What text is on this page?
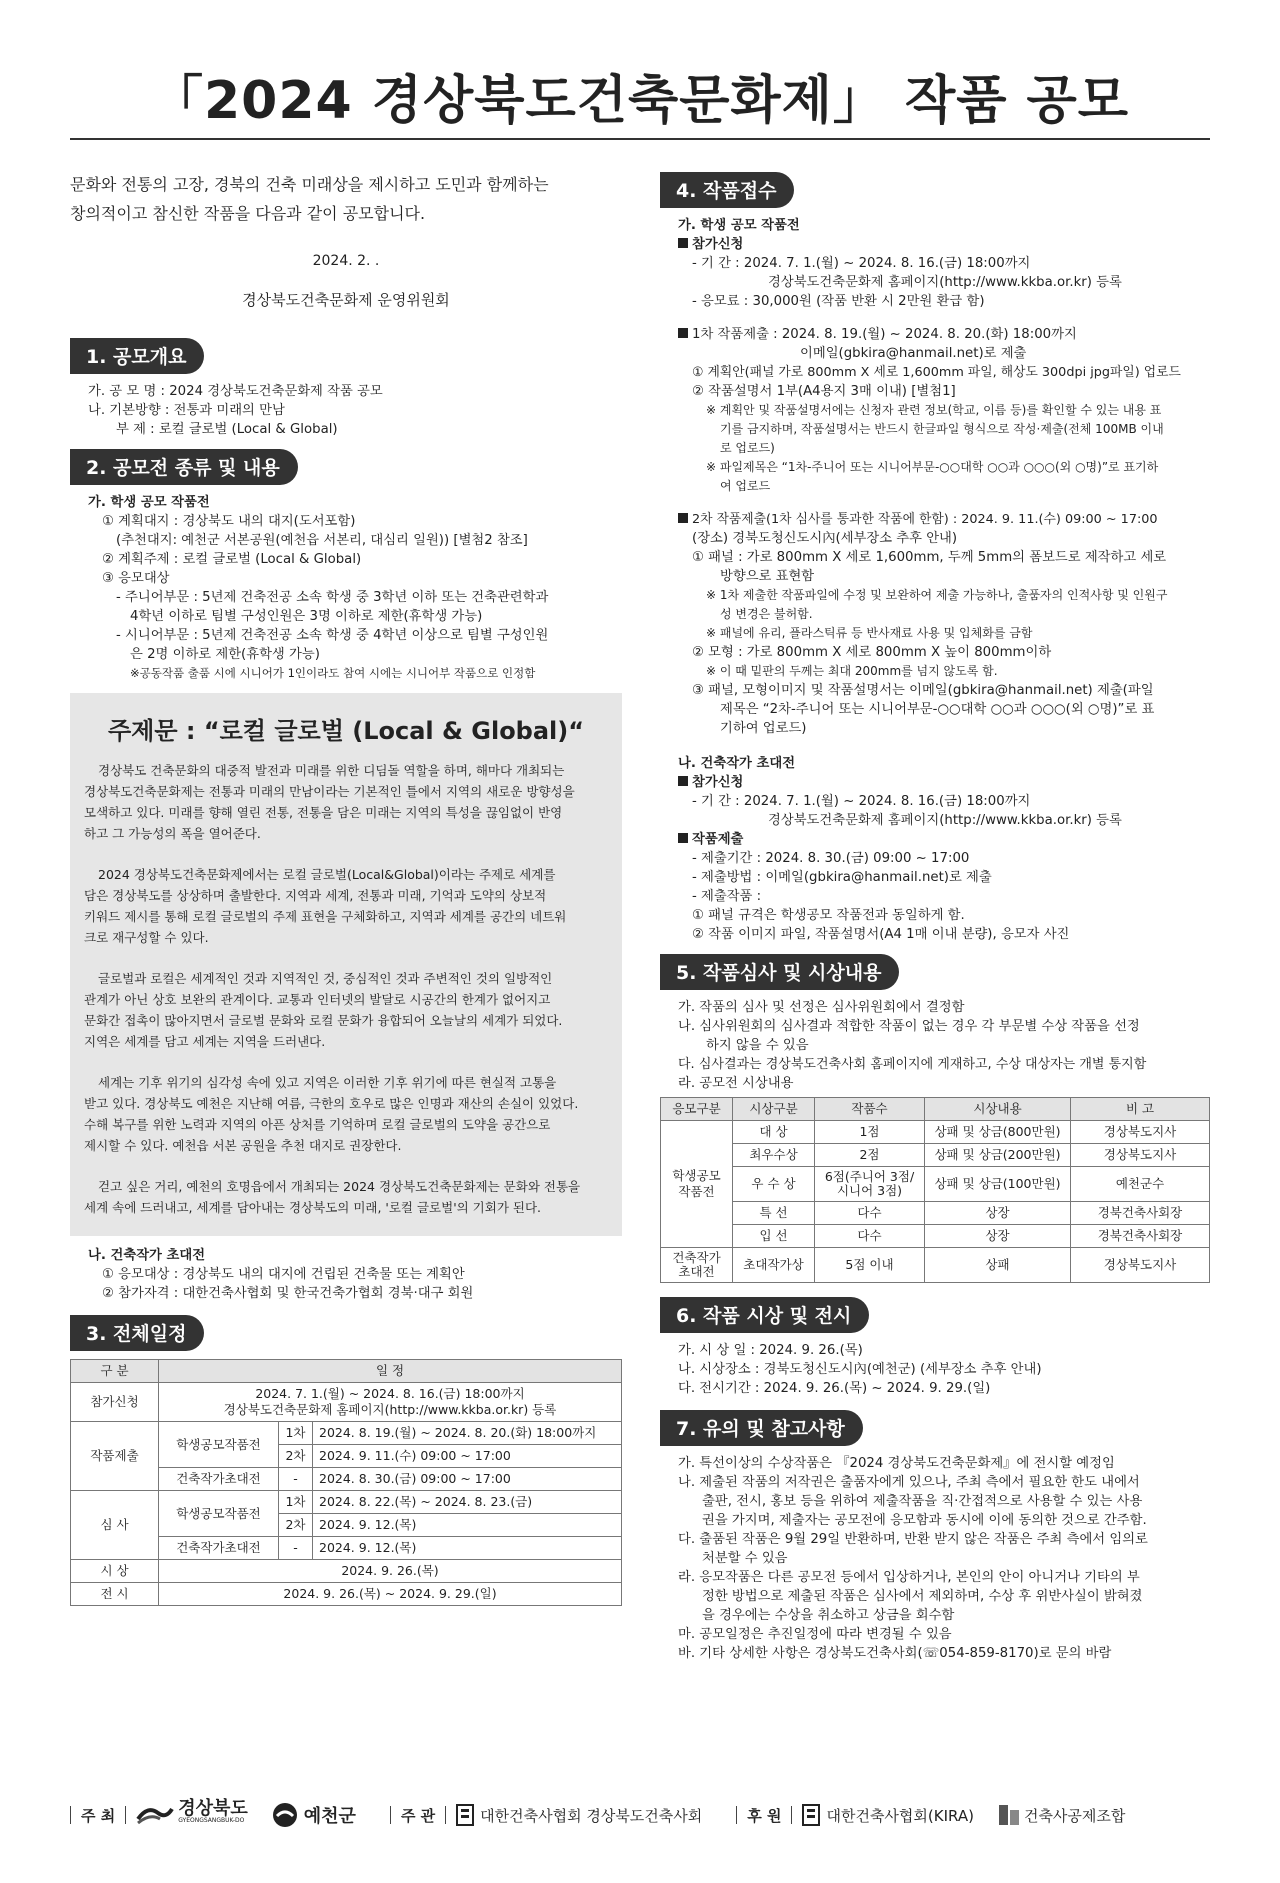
「2024 경상북도건축문화제」 작품 공모
문화와 전통의 고장, 경북의 건축 미래상을 제시하고 도민과 함께하는
창의적이고 참신한 작품을 다음과 같이 공모합니다.
2024. 2. .
경상북도건축문화제 운영위원회
1. 공모개요
가. 공 모 명 : 2024 경상북도건축문화제 작품 공모
나. 기본방향 : 전통과 미래의 만남
부 제 : 로컬 글로벌 (Local & Global)
2. 공모전 종류 및 내용
가. 학생 공모 작품전
① 계획대지 : 경상북도 내의 대지(도서포함)
(추천대지: 예천군 서본공원(예천읍 서본리, 대심리 일원)) [별첨2 참조]
② 계획주제 : 로컬 글로벌 (Local & Global)
③ 응모대상
- 주니어부문 : 5년제 건축전공 소속 학생 중 3학년 이하 또는 건축관련학과
4학년 이하로 팀별 구성인원은 3명 이하로 제한(휴학생 가능)
- 시니어부문 : 5년제 건축전공 소속 학생 중 4학년 이상으로 팀별 구성인원
은 2명 이하로 제한(휴학생 가능)
※공동작품 출품 시에 시니어가 1인이라도 참여 시에는 시니어부 작품으로 인정함
주제문 : “로컬 글로벌 (Local & Global)“
경상북도 건축문화의 대중적 발전과 미래를 위한 디딤돌 역할을 하며, 해마다 개최되는
경상북도건축문화제는 전통과 미래의 만남이라는 기본적인 틀에서 지역의 새로운 방향성을
모색하고 있다. 미래를 향해 열린 전통, 전통을 담은 미래는 지역의 특성을 끊임없이 반영
하고 그 가능성의 폭을 열어준다.
2024 경상북도건축문화제에서는 로컬 글로벌(Local&Global)이라는 주제로 세계를
담은 경상북도를 상상하며 출발한다. 지역과 세계, 전통과 미래, 기억과 도약의 상보적
키워드 제시를 통해 로컬 글로벌의 주제 표현을 구체화하고, 지역과 세계를 공간의 네트워
크로 재구성할 수 있다.
글로벌과 로컬은 세계적인 것과 지역적인 것, 중심적인 것과 주변적인 것의 일방적인
관계가 아닌 상호 보완의 관계이다. 교통과 인터넷의 발달로 시공간의 한계가 없어지고
문화간 접촉이 많아지면서 글로벌 문화와 로컬 문화가 융합되어 오늘날의 세계가 되었다.
지역은 세계를 담고 세계는 지역을 드러낸다.
세계는 기후 위기의 심각성 속에 있고 지역은 이러한 기후 위기에 따른 현실적 고통을
받고 있다. 경상북도 예천은 지난해 여름, 극한의 호우로 많은 인명과 재산의 손실이 있었다.
수해 복구를 위한 노력과 지역의 아픈 상처를 기억하며 로컬 글로벌의 도약을 공간으로
제시할 수 있다. 예천읍 서본 공원을 추천 대지로 권장한다.
걷고 싶은 거리, 예천의 호명읍에서 개최되는 2024 경상북도건축문화제는 문화와 전통을
세계 속에 드러내고, 세계를 담아내는 경상북도의 미래, '로컬 글로벌'의 기회가 된다.
나. 건축작가 초대전
① 응모대상 : 경상북도 내의 대지에 건립된 건축물 또는 계획안
② 참가자격 : 대한건축사협회 및 한국건축가협회 경북·대구 회원
3. 전체일정
구 분	일 정		
참가신청	2024. 7. 1.(월) ~ 2024. 8. 16.(금) 18:00까지
경상북도건축문화제 홈페이지(http://www.kkba.or.kr) 등록		

작품제출	학생공모작품전	1차	2024. 8. 19.(월) ~ 2024. 8. 20.(화) 18:00까지
		2차	2024. 9. 11.(수) 09:00 ~ 17:00
	건축작가초대전	-	2024. 8. 30.(금) 09:00 ~ 17:00
심 사	학생공모작품전	1차	2024. 8. 22.(목) ~ 2024. 8. 23.(금)
		2차	2024. 9. 12.(목)
	건축작가초대전	-	2024. 9. 12.(목)
시 상	2024. 9. 26.(목)		
전 시	2024. 9. 26.(목) ~ 2024. 9. 29.(일)		
4. 작품접수
가. 학생 공모 작품전
참가신청
- 기 간 : 2024. 7. 1.(월) ~ 2024. 8. 16.(금) 18:00까지
경상북도건축문화제 홈페이지(http://www.kkba.or.kr) 등록
- 응모료 : 30,000원 (작품 반환 시 2만원 환급 함)
1차 작품제출 : 2024. 8. 19.(월) ~ 2024. 8. 20.(화) 18:00까지
이메일(gbkira@hanmail.net)로 제출
① 계획안(패널 가로 800mm X 세로 1,600mm 파일, 해상도 300dpi jpg파일) 업로드
② 작품설명서 1부(A4용지 3매 이내) [별첨1]
※ 계획안 및 작품설명서에는 신청자 관련 정보(학교, 이름 등)를 확인할 수 있는 내용 표
기를 금지하며, 작품설명서는 반드시 한글파일 형식으로 작성·제출(전체 100MB 이내
로 업로드)
※ 파일제목은 “1차-주니어 또는 시니어부문-○○대학 ○○과 ○○○(외 ○명)”로 표기하
여 업로드
2차 작품제출(1차 심사를 통과한 작품에 한함) : 2024. 9. 11.(수) 09:00 ~ 17:00
(장소) 경북도청신도시內(세부장소 추후 안내)
① 패널 : 가로 800mm X 세로 1,600mm, 두께 5mm의 폼보드로 제작하고 세로
방향으로 표현함
※ 1차 제출한 작품파일에 수정 및 보완하여 제출 가능하나, 출품자의 인적사항 및 인원구
성 변경은 불허함.
※ 패널에 유리, 플라스틱류 등 반사재료 사용 및 입체화를 금함
② 모형 : 가로 800mm X 세로 800mm X 높이 800mm이하
※ 이 때 밑판의 두께는 최대 200mm를 넘지 않도록 함.
③ 패널, 모형이미지 및 작품설명서는 이메일(gbkira@hanmail.net) 제출(파일
제목은 “2차-주니어 또는 시니어부문-○○대학 ○○과 ○○○(외 ○명)”로 표
기하여 업로드)
나. 건축작가 초대전
참가신청
- 기 간 : 2024. 7. 1.(월) ~ 2024. 8. 16.(금) 18:00까지
경상북도건축문화제 홈페이지(http://www.kkba.or.kr) 등록
작품제출
- 제출기간 : 2024. 8. 30.(금) 09:00 ~ 17:00
- 제출방법 : 이메일(gbkira@hanmail.net)로 제출
- 제출작품 :
① 패널 규격은 학생공모 작품전과 동일하게 함.
② 작품 이미지 파일, 작품설명서(A4 1매 이내 분량), 응모자 사진
5. 작품심사 및 시상내용
가. 작품의 심사 및 선정은 심사위원회에서 결정함
나. 심사위원회의 심사결과 적합한 작품이 없는 경우 각 부문별 수상 작품을 선정
하지 않을 수 있음
다. 심사결과는 경상북도건축사회 홈페이지에 게재하고, 수상 대상자는 개별 통지함
라. 공모전 시상내용
응모구분	시상구분	작품수	시상내용	비 고
학생공모
작품전	대 상	1점	상패 및 상금(800만원)	경상북도지사
	최우수상	2점	상패 및 상금(200만원)	경상북도지사
	우 수 상	6점(주니어 3점/
시니어 3점)	상패 및 상금(100만원)	예천군수
	특 선	다수	상장	경북건축사회장
	입 선	다수	상장	경북건축사회장
건축작가
초대전	초대작가상	5점 이내	상패	경상북도지사
6. 작품 시상 및 전시
가. 시 상 일 : 2024. 9. 26.(목)
나. 시상장소 : 경북도청신도시內(예천군) (세부장소 추후 안내)
다. 전시기간 : 2024. 9. 26.(목) ~ 2024. 9. 29.(일)
7. 유의 및 참고사항
가. 특선이상의 수상작품은 『2024 경상북도건축문화제』에 전시할 예정임
나. 제출된 작품의 저작권은 출품자에게 있으나, 주최 측에서 필요한 한도 내에서
출판, 전시, 홍보 등을 위하여 제출작품을 직·간접적으로 사용할 수 있는 사용
권을 가지며, 제출자는 공모전에 응모함과 동시에 이에 동의한 것으로 간주함.
다. 출품된 작품은 9월 29일 반환하며, 반환 받지 않은 작품은 주최 측에서 임의로
처분할 수 있음
라. 응모작품은 다른 공모전 등에서 입상하거나, 본인의 안이 아니거나 기타의 부
정한 방법으로 제출된 작품은 심사에서 제외하며, 수상 후 위반사실이 밝혀졌
을 경우에는 수상을 취소하고 상금을 회수함
마. 공모일정은 추진일정에 따라 변경될 수 있음
바. 기타 상세한 사항은 경상북도건축사회(☏054-859-8170)로 문의 바람
주 최	경상북도
GYEONGSANGBUK-DO	예천군	주 관	대한건축사협회 경상북도건축사회	후 원	대한건축사협회(KIRA)	건축사공제조합
